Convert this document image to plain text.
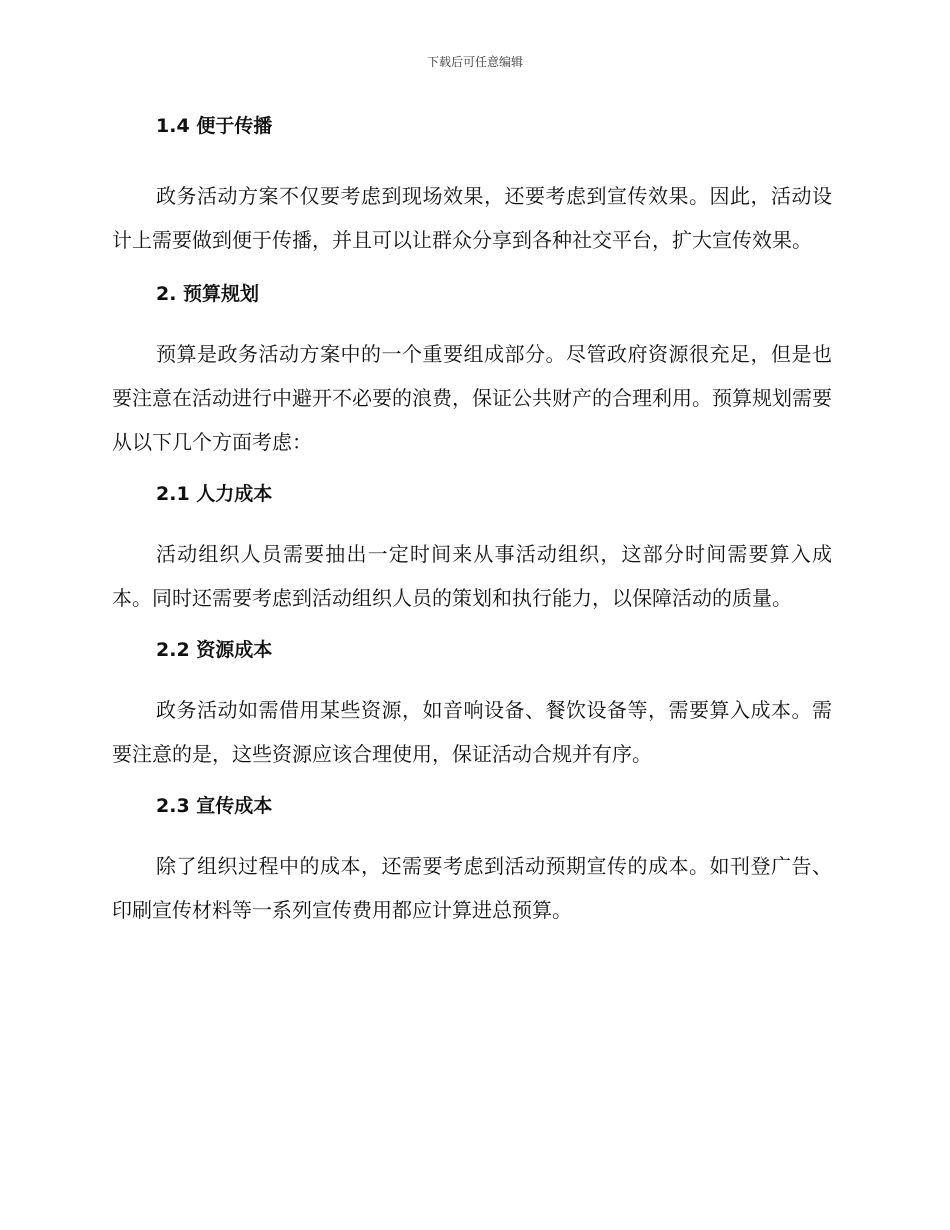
下载后可任意编辑
1.4 便于传播

政务活动方案不仅要考虑到现场效果，还要考虑到宣传效果。因此，活动设计上需要做到便于传播，并且可以让群众分享到各种社交平台，扩大宣传效果。

2. 预算规划

预算是政务活动方案中的一个重要组成部分。尽管政府资源很充足，但是也要注意在活动进行中避开不必要的浪费，保证公共财产的合理利用。预算规划需要从以下几个方面考虑：

2.1 人力成本

活动组织人员需要抽出一定时间来从事活动组织，这部分时间需要算入成本。同时还需要考虑到活动组织人员的策划和执行能力，以保障活动的质量。

2.2 资源成本

政务活动如需借用某些资源，如音响设备、餐饮设备等，需要算入成本。需要注意的是，这些资源应该合理使用，保证活动合规并有序。

2.3 宣传成本

除了组织过程中的成本，还需要考虑到活动预期宣传的成本。如刊登广告、印刷宣传材料等一系列宣传费用都应计算进总预算。
